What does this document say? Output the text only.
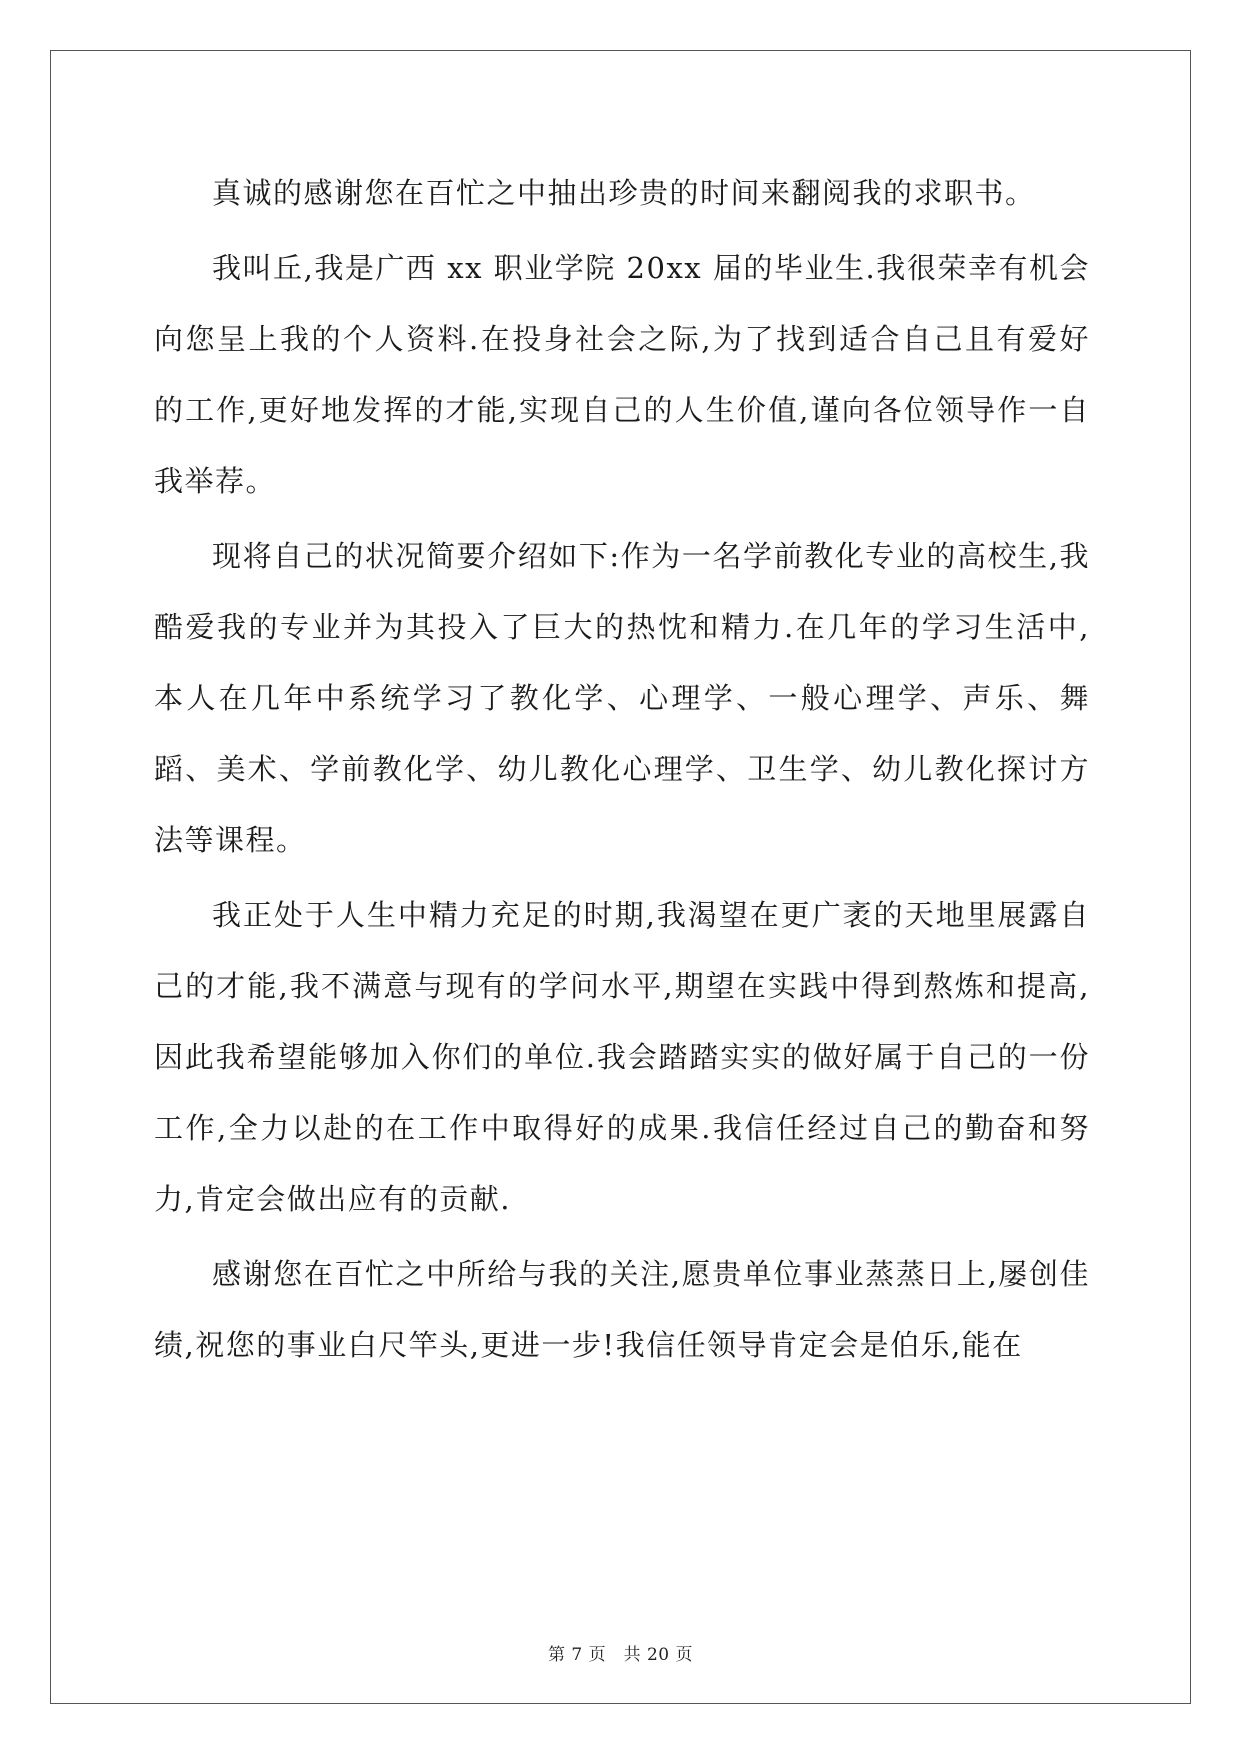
真诚的感谢您在百忙之中抽出珍贵的时间来翻阅我的求职书。

我叫丘,我是广西 xx 职业学院 20xx 届的毕业生.我很荣幸有机会向您呈上我的个人资料.在投身社会之际,为了找到适合自己且有爱好的工作,更好地发挥的才能,实现自己的人生价值,谨向各位领导作一自我举荐。

现将自己的状况简要介绍如下:作为一名学前教化专业的高校生,我酷爱我的专业并为其投入了巨大的热忱和精力.在几年的学习生活中,本人在几年中系统学习了教化学、心理学、一般心理学、声乐、舞蹈、美术、学前教化学、幼儿教化心理学、卫生学、幼儿教化探讨方法等课程。

我正处于人生中精力充足的时期,我渴望在更广袤的天地里展露自己的才能,我不满意与现有的学问水平,期望在实践中得到熬炼和提高,因此我希望能够加入你们的单位.我会踏踏实实的做好属于自己的一份工作,全力以赴的在工作中取得好的成果.我信任经过自己的勤奋和努力,肯定会做出应有的贡献.

感谢您在百忙之中所给与我的关注,愿贵单位事业蒸蒸日上,屡创佳绩,祝您的事业白尺竿头,更进一步!我信任领导肯定会是伯乐,能在

第 7 页　共 20 页
